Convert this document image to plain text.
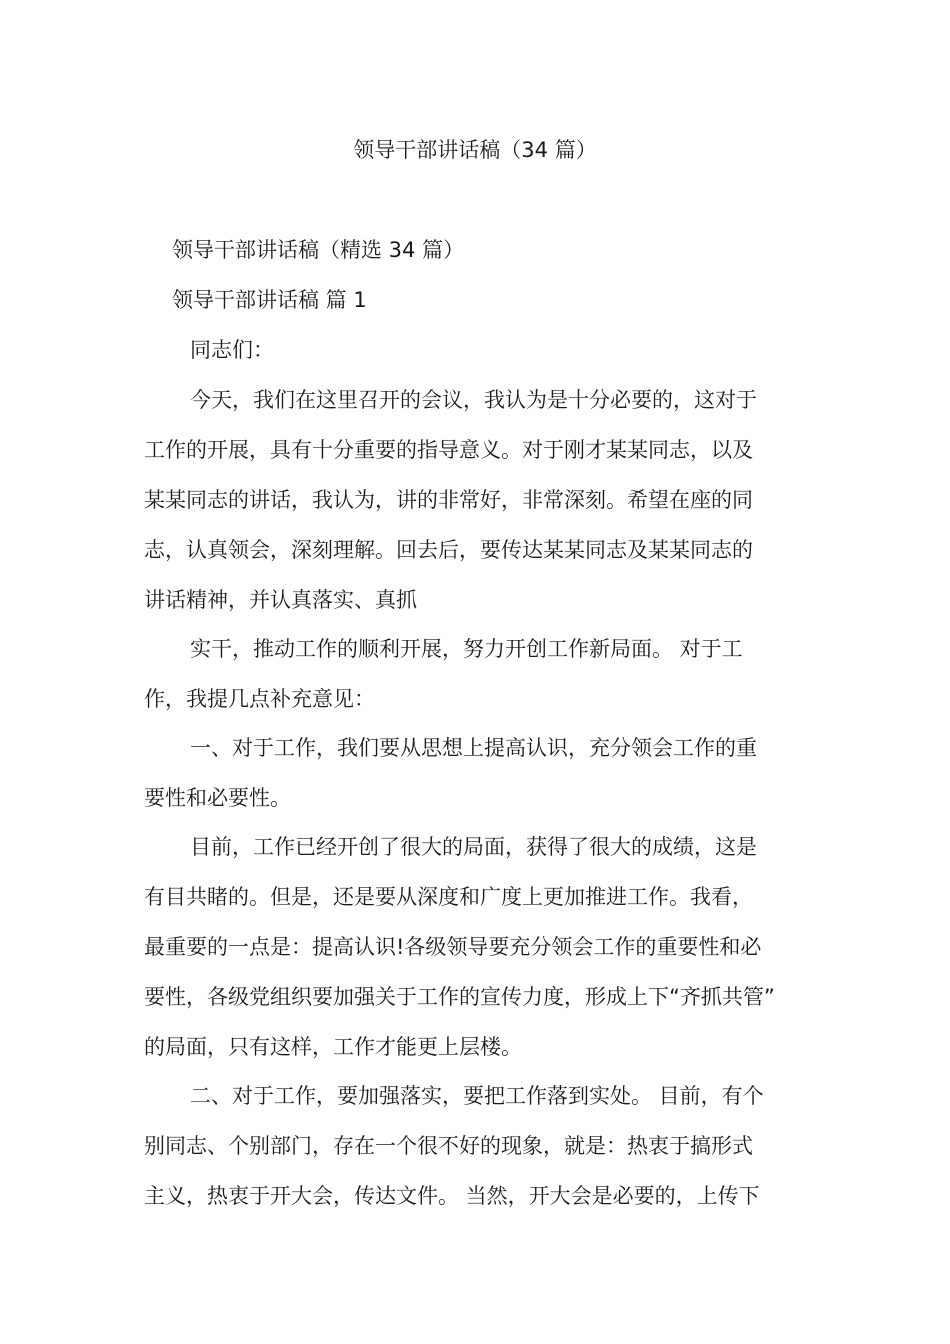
领导干部讲话稿（34 篇）
领导干部讲话稿（精选 34 篇）
领导干部讲话稿 篇 1
同志们：
今天，我们在这里召开的会议，我认为是十分必要的，这对于
工作的开展，具有十分重要的指导意义。对于刚才某某同志，以及
某某同志的讲话，我认为，讲的非常好，非常深刻。希望在座的同
志，认真领会，深刻理解。回去后，要传达某某同志及某某同志的
讲话精神，并认真落实、真抓
实干，推动工作的顺利开展，努力开创工作新局面。 对于工
作，我提几点补充意见：
一、对于工作，我们要从思想上提高认识，充分领会工作的重
要性和必要性。
目前，工作已经开创了很大的局面，获得了很大的成绩，这是
有目共睹的。但是，还是要从深度和广度上更加推进工作。我看，
最重要的一点是：提高认识!各级领导要充分领会工作的重要性和必
要性，各级党组织要加强关于工作的宣传力度，形成上下“齐抓共管”
的局面，只有这样，工作才能更上层楼。
二、对于工作，要加强落实，要把工作落到实处。 目前，有个
别同志、个别部门，存在一个很不好的现象，就是：热衷于搞形式
主义，热衷于开大会，传达文件。 当然，开大会是必要的，上传下
